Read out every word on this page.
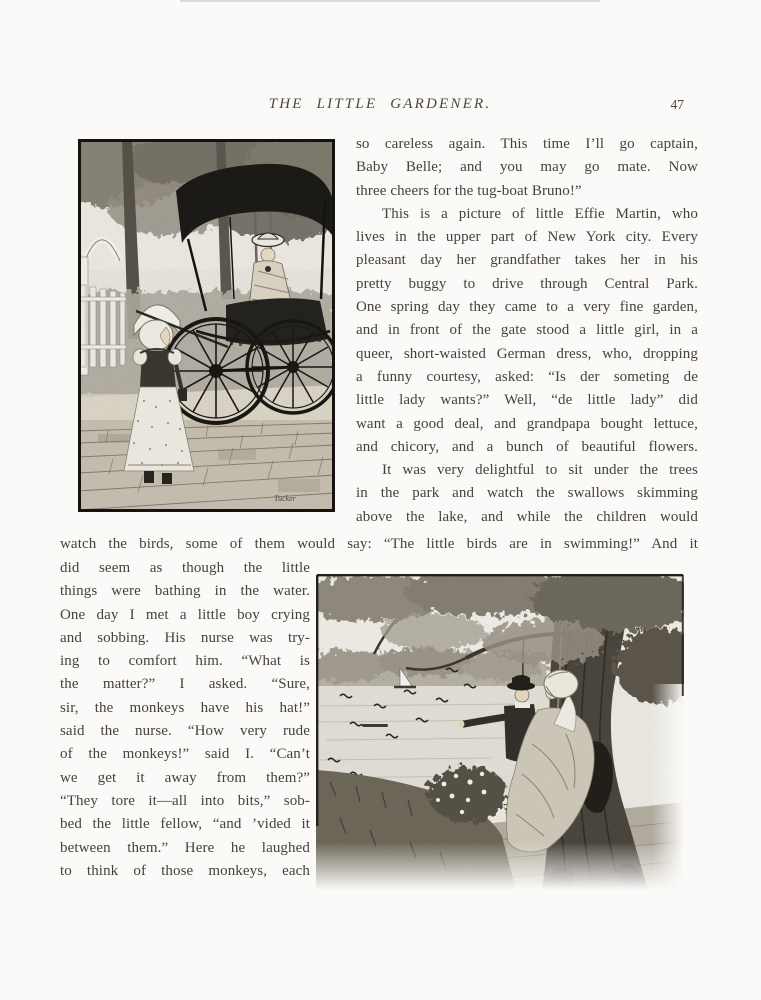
THE LITTLE GARDENER.	47
Tucker
so careless again. This time I’ll go captain,
Baby Belle; and you may go mate. Now
three cheers for the tug-boat Bruno!”
This is a picture of little Effie Martin, who
lives in the upper part of New York city. Every
pleasant day her grandfather takes her in his
pretty buggy to drive through Central Park.
One spring day they came to a very fine garden,
and in front of the gate stood a little girl, in a
queer, short-waisted German dress, who, dropping
a funny courtesy, asked: “Is der someting de
little lady wants?” Well, “de little lady” did
want a good deal, and grandpapa bought lettuce,
and chicory, and a bunch of beautiful flowers.
It was very delightful to sit under the trees
in the park and watch the swallows skimming
above the lake, and while the children would
watch the birds, some of them would say: “The little birds are in swimming!” And it
did seem as though the little
things were bathing in the water.
One day I met a little boy crying
and sobbing. His nurse was try-
ing to comfort him. “What is
the matter?” I asked. “Sure,
sir, the monkeys have his hat!”
said the nurse. “How very rude
of the monkeys!” said I. “Can’t
we get it away from them?”
“They tore it—all into bits,” sob-
bed the little fellow, “and ’vided it
between them.” Here he laughed
to think of those monkeys, each
